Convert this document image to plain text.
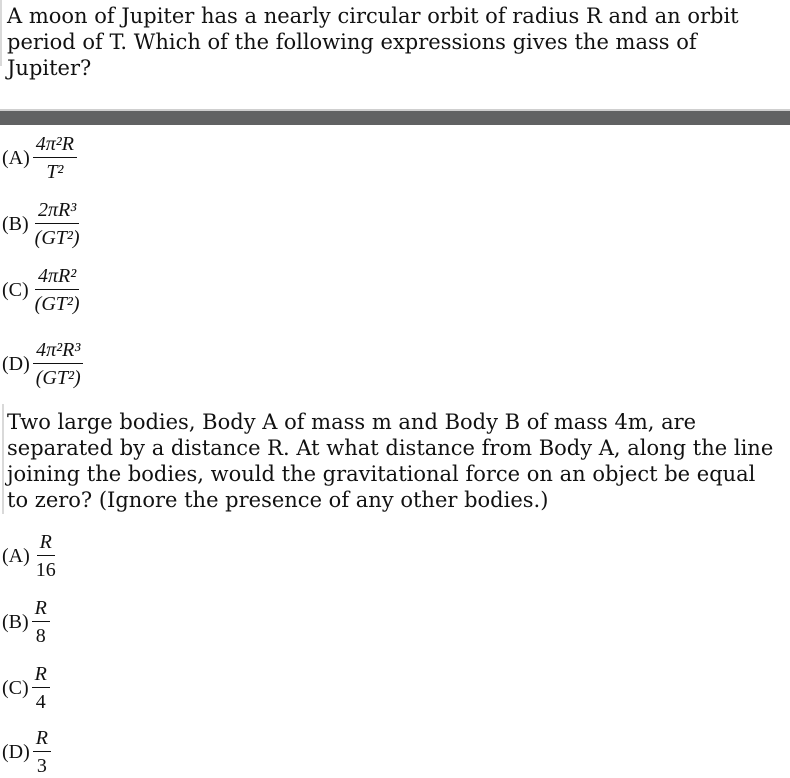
A moon of Jupiter has a nearly circular orbit of radius R and an orbit period of T. Which of the following expressions gives the mass of Jupiter?
$(A) \frac{\text{4π²R}}{\text{T²}}$
$(B) \frac{\text{2πR³}}{\text{(GT²)}}$
$(C) \frac{\text{4πR²}}{\text{(GT²)}}$
$(D) \frac{\text{4π²R³}}{\text{(GT²)}}$
Two large bodies, Body A of mass m and Body B of mass 4m, are separated by a distance R. At what distance from Body A, along the line joining the bodies, would the gravitational force on an object be equal to zero? (Ignore the presence of any other bodies.)
$(A) \frac{R}{16}$
$(B) \frac{R}{8}$
$(C) \frac{R}{4}$
$(D) \frac{R}{3}$
